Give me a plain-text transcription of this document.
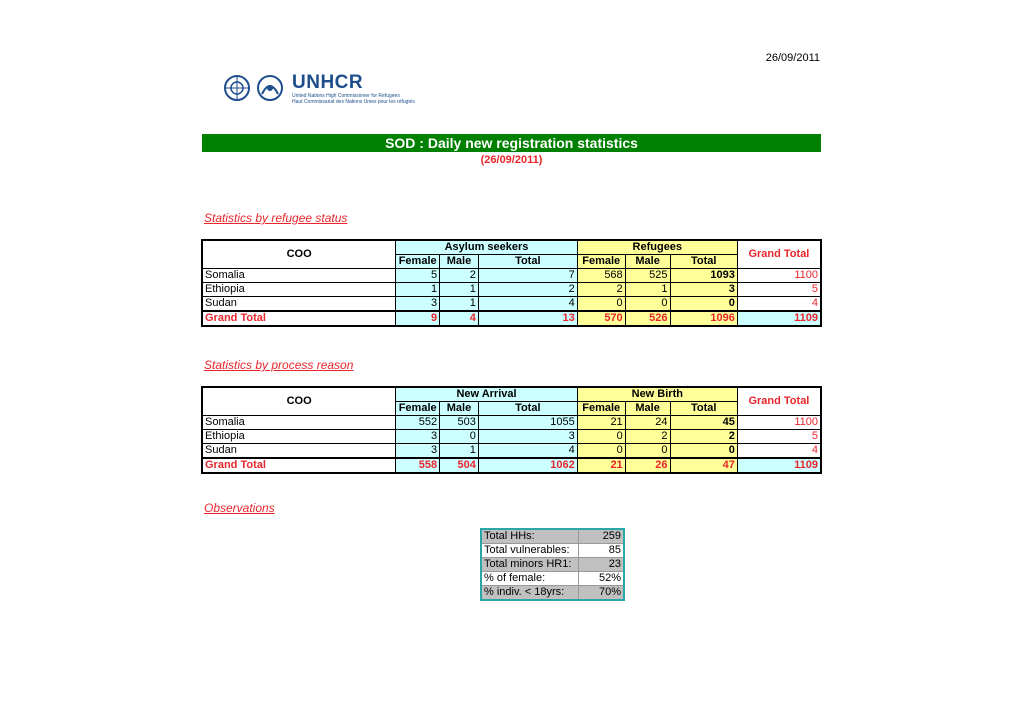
26/09/2011
UNHCR
United Nations High Commissioner for Refugees
Haut Commissariat des Nations Unies pour les réfugiés
SOD : Daily new registration statistics
(26/09/2011)
Statistics by refugee status
COO	Asylum seekers			Refugees			Grand Total
	Female	Male	Total	Female	Male	Total	
Somalia	5	2	7	568	525	1093	1100
Ethiopia	1	1	2	2	1	3	5
Sudan	3	1	4	0	0	0	4
Grand Total	9	4	13	570	526	1096	1109
Statistics by process reason
COO	New Arrival			New Birth			Grand Total
	Female	Male	Total	Female	Male	Total	
Somalia	552	503	1055	21	24	45	1100
Ethiopia	3	0	3	0	2	2	5
Sudan	3	1	4	0	0	0	4
Grand Total	558	504	1062	21	26	47	1109
Observations
Total HHs:	259
Total vulnerables:	85
Total minors HR1:	23
% of female:	52%
% indiv. < 18yrs:	70%
